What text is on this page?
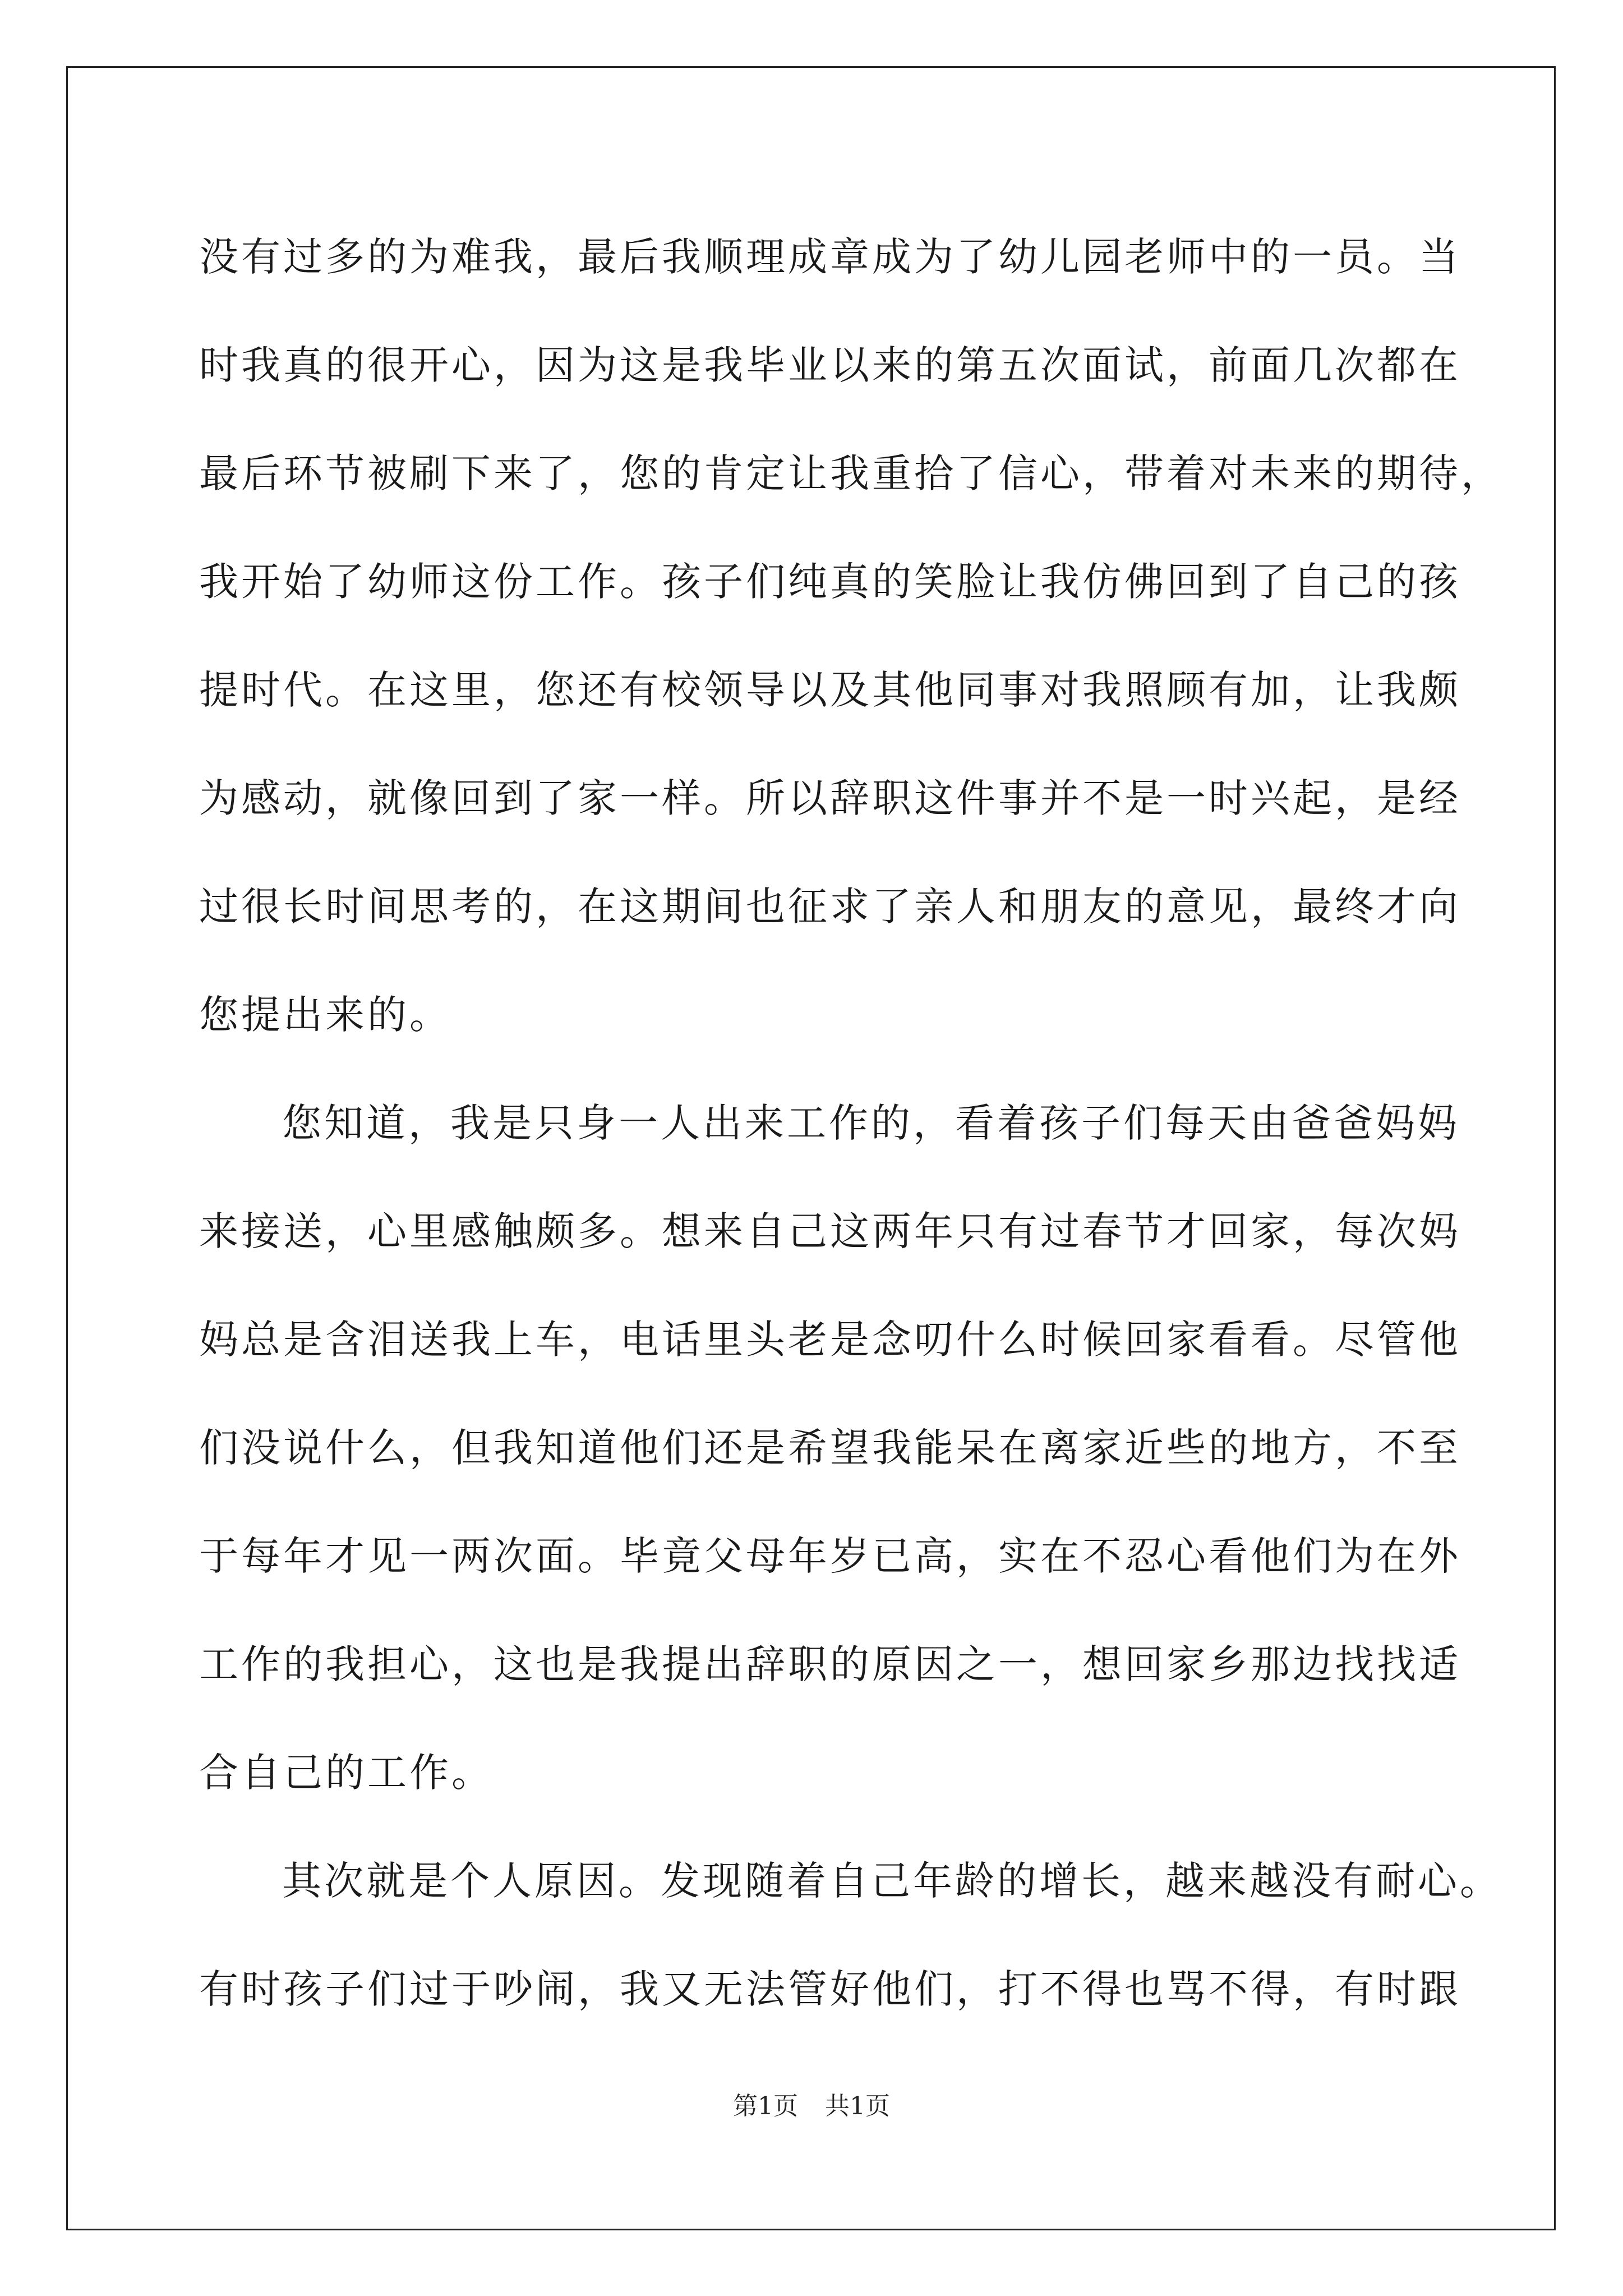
没有过多的为难我，最后我顺理成章成为了幼儿园老师中的一员。当
时我真的很开心，因为这是我毕业以来的第五次面试，前面几次都在
最后环节被刷下来了，您的肯定让我重拾了信心，带着对未来的期待，
我开始了幼师这份工作。孩子们纯真的笑脸让我仿佛回到了自己的孩
提时代。在这里，您还有校领导以及其他同事对我照顾有加，让我颇
为感动，就像回到了家一样。所以辞职这件事并不是一时兴起，是经
过很长时间思考的，在这期间也征求了亲人和朋友的意见，最终才向
您提出来的。
您知道，我是只身一人出来工作的，看着孩子们每天由爸爸妈妈
来接送，心里感触颇多。想来自己这两年只有过春节才回家，每次妈
妈总是含泪送我上车，电话里头老是念叨什么时候回家看看。尽管他
们没说什么，但我知道他们还是希望我能呆在离家近些的地方，不至
于每年才见一两次面。毕竟父母年岁已高，实在不忍心看他们为在外
工作的我担心，这也是我提出辞职的原因之一，想回家乡那边找找适
合自己的工作。
其次就是个人原因。发现随着自己年龄的增长，越来越没有耐心。
有时孩子们过于吵闹，我又无法管好他们，打不得也骂不得，有时跟
第1页 共1页
